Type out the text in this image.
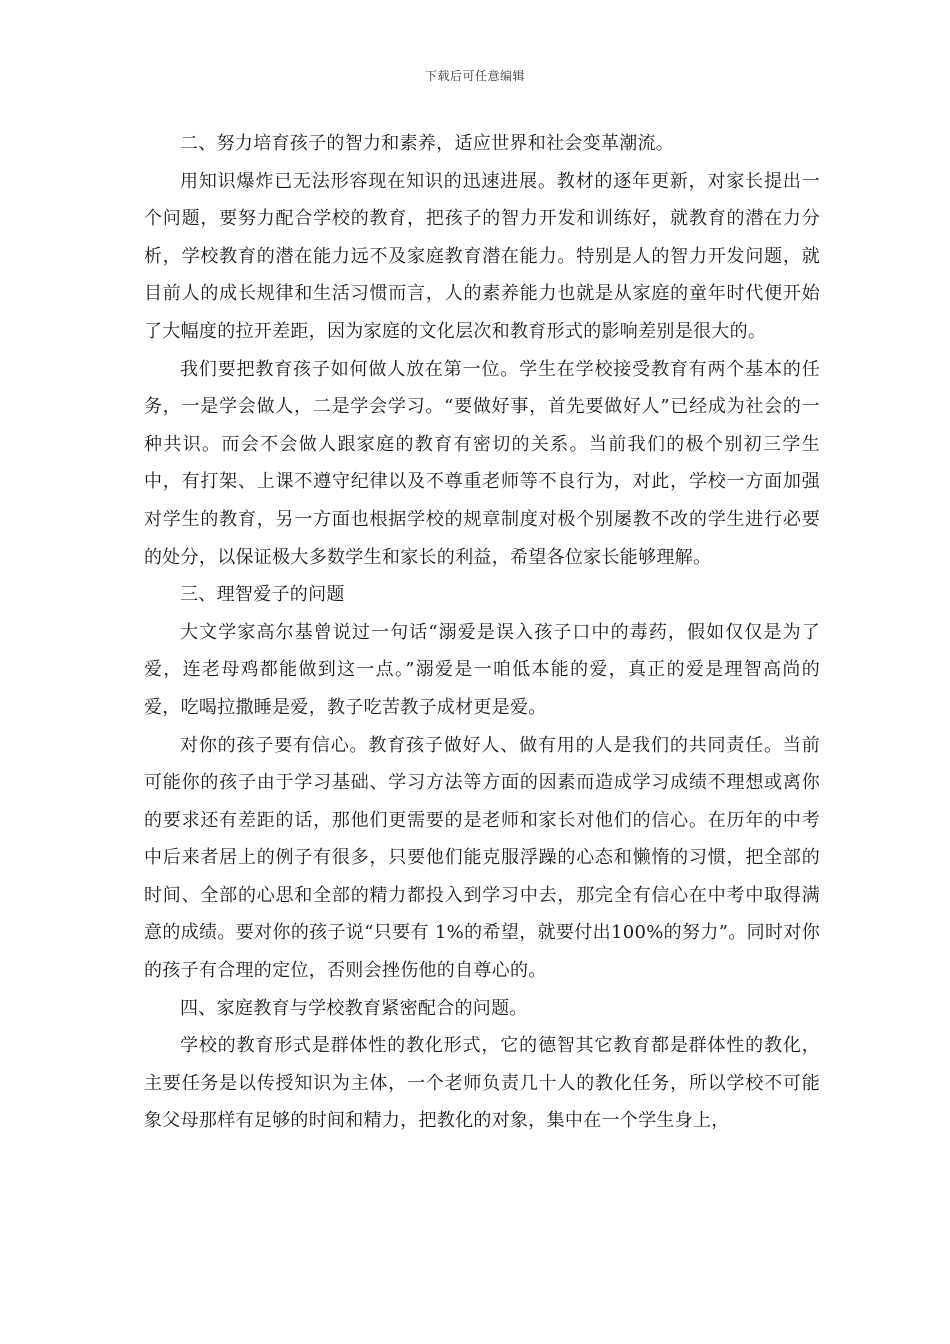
下载后可任意编辑

二、努力培育孩子的智力和素养，适应世界和社会变革潮流。

用知识爆炸已无法形容现在知识的迅速进展。教材的逐年更新，对家长提出一个问题，要努力配合学校的教育，把孩子的智力开发和训练好，就教育的潜在力分析，学校教育的潜在能力远不及家庭教育潜在能力。特别是人的智力开发问题，就目前人的成长规律和生活习惯而言，人的素养能力也就是从家庭的童年时代便开始了大幅度的拉开差距，因为家庭的文化层次和教育形式的影响差别是很大的。

我们要把教育孩子如何做人放在第一位。学生在学校接受教育有两个基本的任务，一是学会做人，二是学会学习。“要做好事，首先要做好人”已经成为社会的一种共识。而会不会做人跟家庭的教育有密切的关系。当前我们的极个别初三学生中，有打架、上课不遵守纪律以及不尊重老师等不良行为，对此，学校一方面加强对学生的教育，另一方面也根据学校的规章制度对极个别屡教不改的学生进行必要的处分，以保证极大多数学生和家长的利益，希望各位家长能够理解。

三、理智爱子的问题

大文学家高尔基曾说过一句话“溺爱是误入孩子口中的毒药，假如仅仅是为了爱，连老母鸡都能做到这一点。”溺爱是一咱低本能的爱，真正的爱是理智高尚的爱，吃喝拉撒睡是爱，教子吃苦教子成材更是爱。

对你的孩子要有信心。教育孩子做好人、做有用的人是我们的共同责任。当前可能你的孩子由于学习基础、学习方法等方面的因素而造成学习成绩不理想或离你的要求还有差距的话，那他们更需要的是老师和家长对他们的信心。在历年的中考中后来者居上的例子有很多，只要他们能克服浮躁的心态和懒惰的习惯，把全部的时间、全部的心思和全部的精力都投入到学习中去，那完全有信心在中考中取得满意的成绩。要对你的孩子说“只要有 1%的希望，就要付出100%的努力”。同时对你的孩子有合理的定位，否则会挫伤他的自尊心的。

四、家庭教育与学校教育紧密配合的问题。

学校的教育形式是群体性的教化形式，它的德智其它教育都是群体性的教化，主要任务是以传授知识为主体，一个老师负责几十人的教化任务，所以学校不可能象父母那样有足够的时间和精力，把教化的对象，集中在一个学生身上，
